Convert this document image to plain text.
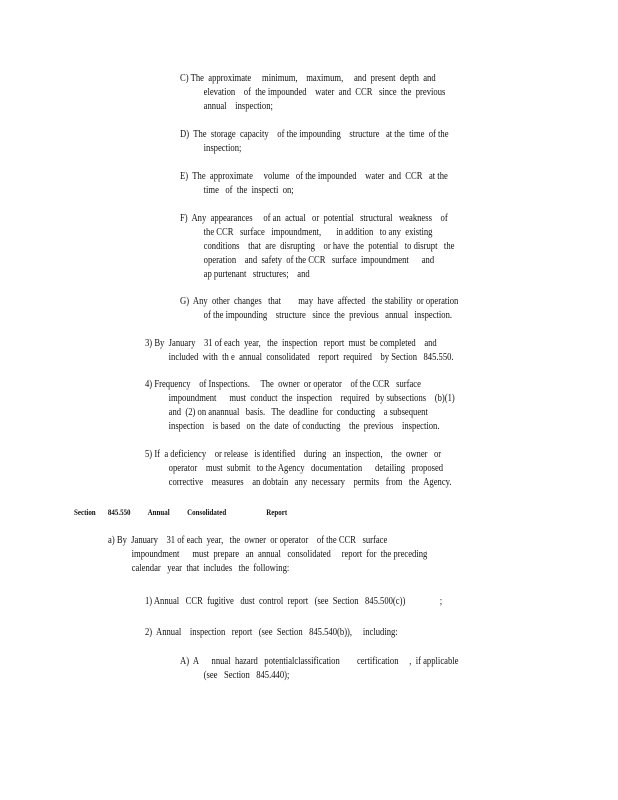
C) The  approximate     minimum,    maximum,     and  present  depth  and
elevation    of  the impounded    water  and  CCR   since  the  previous
annual    inspection;
D)  The  storage  capacity    of the impounding    structure   at the  time  of the
inspection;
E)  The  approximate     volume   of the impounded    water  and  CCR   at the
time   of  the  inspecti  on;
F)  Any  appearances     of an  actual   or  potential   structural   weakness    of
the CCR   surface   impoundment,       in addition   to any  existing
conditions    that  are  disrupting    or have  the  potential   to disrupt   the
operation    and  safety  of the CCR   surface  impoundment      and
ap purtenant   structures;    and
G)  Any  other  changes   that        may  have  affected   the stability  or operation
of the impounding    structure   since  the  previous   annual   inspection.
3) By  January    31 of each  year,   the  inspection   report  must  be completed    and
included  with  th e  annual  consolidated    report  required    by Section   845.550.
4) Frequency    of Inspections.     The  owner  or operator    of the CCR   surface
impoundment      must  conduct  the  inspection    required   by subsections    (b)(1)
and  (2) on anannual   basis.   The  deadline  for  conducting    a subsequent
inspection    is based   on  the  date  of conducting    the  previous    inspection.
5) If  a deficiency    or release   is identified    during   an  inspection,    the  owner   or
operator    must  submit   to the Agency   documentation      detailing   proposed
corrective    measures    an dobtain   any  necessary    permits   from   the  Agency.
Section       845.550          Annual          Consolidated                       Report
a) By  January    31 of each  year,   the  owner  or operator    of the CCR   surface
impoundment      must  prepare   an  annual   consolidated     report  for  the preceding
calendar   year  that  includes   the  following:
1) Annual   CCR  fugitive   dust  control  report   (see  Section   845.500(c))                ;
2)  Annual    inspection   report   (see  Section   845.540(b)),     including:
A)  A      nnual  hazard   potentialclassification        certification     ,  if applicable
(see   Section   845.440);
